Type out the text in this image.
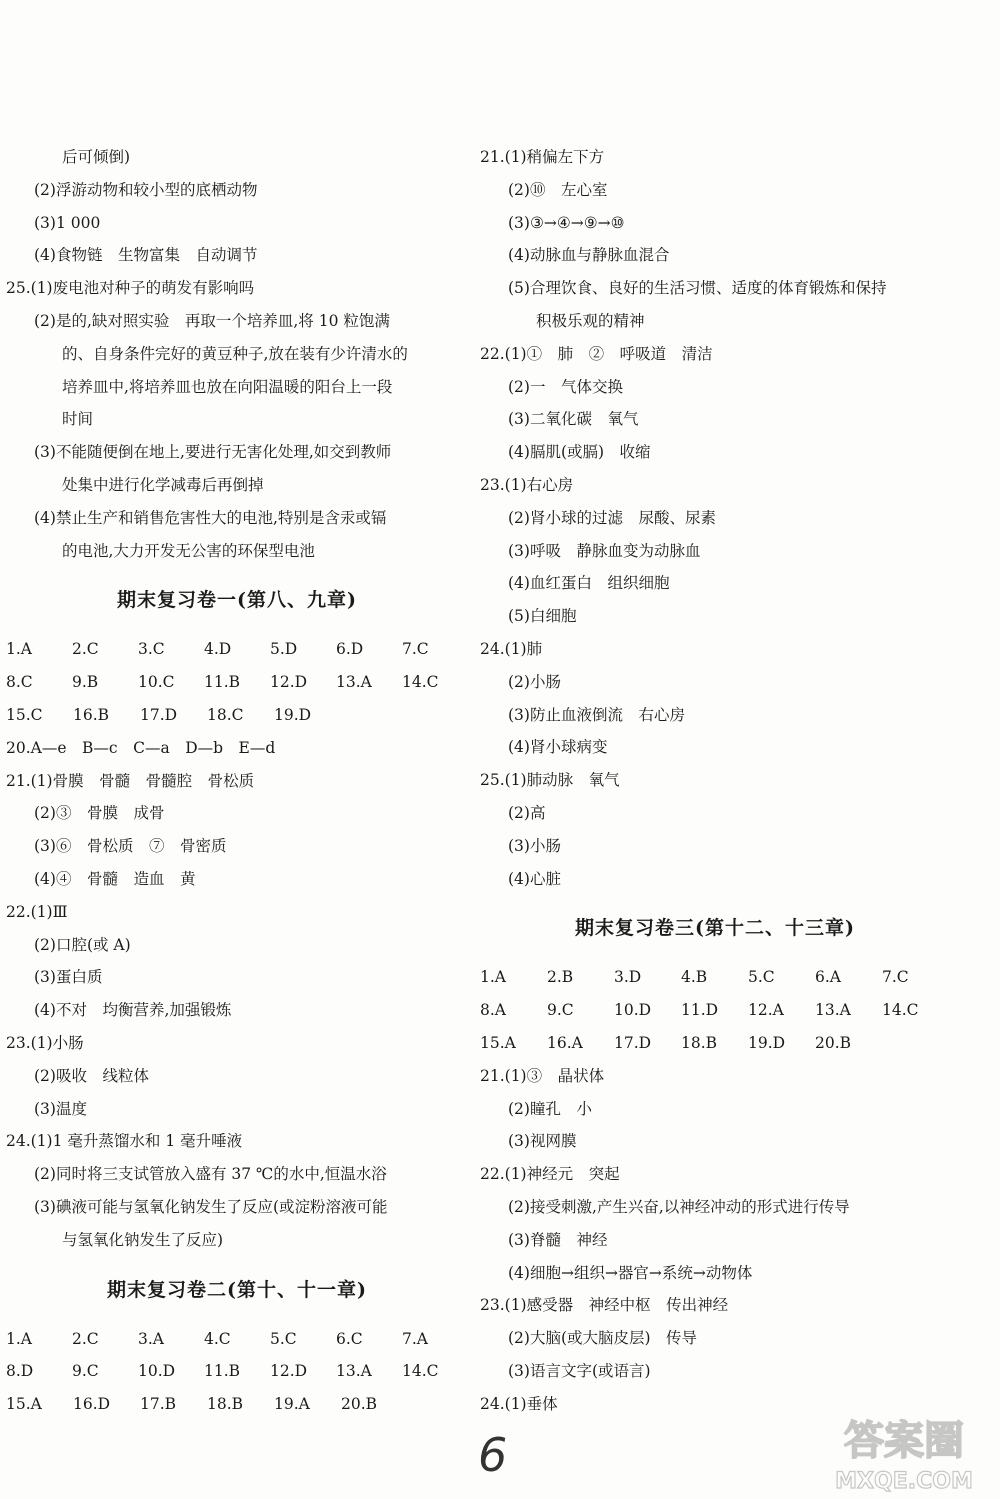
后可倾倒)
(2)浮游动物和较小型的底栖动物
(3)1 000
(4)食物链　生物富集　自动调节
25.(1)废电池对种子的萌发有影响吗
(2)是的,缺对照实验　再取一个培养皿,将 10 粒饱满
的、自身条件完好的黄豆种子,放在装有少许清水的
培养皿中,将培养皿也放在向阳温暖的阳台上一段
时间
(3)不能随便倒在地上,要进行无害化处理,如交到教师
处集中进行化学减毒后再倒掉
(4)禁止生产和销售危害性大的电池,特别是含汞或镉
的电池,大力开发无公害的环保型电池
期末复习卷一(第八、九章)
1.A	2.C	3.C	4.D	5.D	6.D	7.C
8.C	9.B	10.C	11.B	12.D	13.A	14.C
15.C	16.B	17.D	18.C	19.D
20.A—e　B—c　C—a　D—b　E—d
21.(1)骨膜　骨髓　骨髓腔　骨松质
(2)③　骨膜　成骨
(3)⑥　骨松质　⑦　骨密质
(4)④　骨髓　造血　黄
22.(1)Ⅲ
(2)口腔(或 A)
(3)蛋白质
(4)不对　均衡营养,加强锻炼
23.(1)小肠
(2)吸收　线粒体
(3)温度
24.(1)1 毫升蒸馏水和 1 毫升唾液
(2)同时将三支试管放入盛有 37 ℃的水中,恒温水浴
(3)碘液可能与氢氧化钠发生了反应(或淀粉溶液可能
与氢氧化钠发生了反应)
期末复习卷二(第十、十一章)
1.A	2.C	3.A	4.C	5.C	6.C	7.A
8.D	9.C	10.D	11.B	12.D	13.A	14.C
15.A	16.D	17.B	18.B	19.A	20.B
21.(1)稍偏左下方
(2)⑩　左心室
(3)③→④→⑨→⑩
(4)动脉血与静脉血混合
(5)合理饮食、良好的生活习惯、适度的体育锻炼和保持
积极乐观的精神
22.(1)①　肺　②　呼吸道　清洁
(2)一　气体交换
(3)二氧化碳　氧气
(4)膈肌(或膈)　收缩
23.(1)右心房
(2)肾小球的过滤　尿酸、尿素
(3)呼吸　静脉血变为动脉血
(4)血红蛋白　组织细胞
(5)白细胞
24.(1)肺
(2)小肠
(3)防止血液倒流　右心房
(4)肾小球病变
25.(1)肺动脉　氧气
(2)高
(3)小肠
(4)心脏
期末复习卷三(第十二、十三章)
1.A	2.B	3.D	4.B	5.C	6.A	7.C
8.A	9.C	10.D	11.D	12.A	13.A	14.C
15.A	16.A	17.D	18.B	19.D	20.B
21.(1)③　晶状体
(2)瞳孔　小
(3)视网膜
22.(1)神经元　突起
(2)接受刺激,产生兴奋,以神经冲动的形式进行传导
(3)脊髓　神经
(4)细胞→组织→器官→系统→动物体
23.(1)感受器　神经中枢　传出神经
(2)大脑(或大脑皮层)　传导
(3)语言文字(或语言)
24.(1)垂体
6	答案圈
MXQE.COM
